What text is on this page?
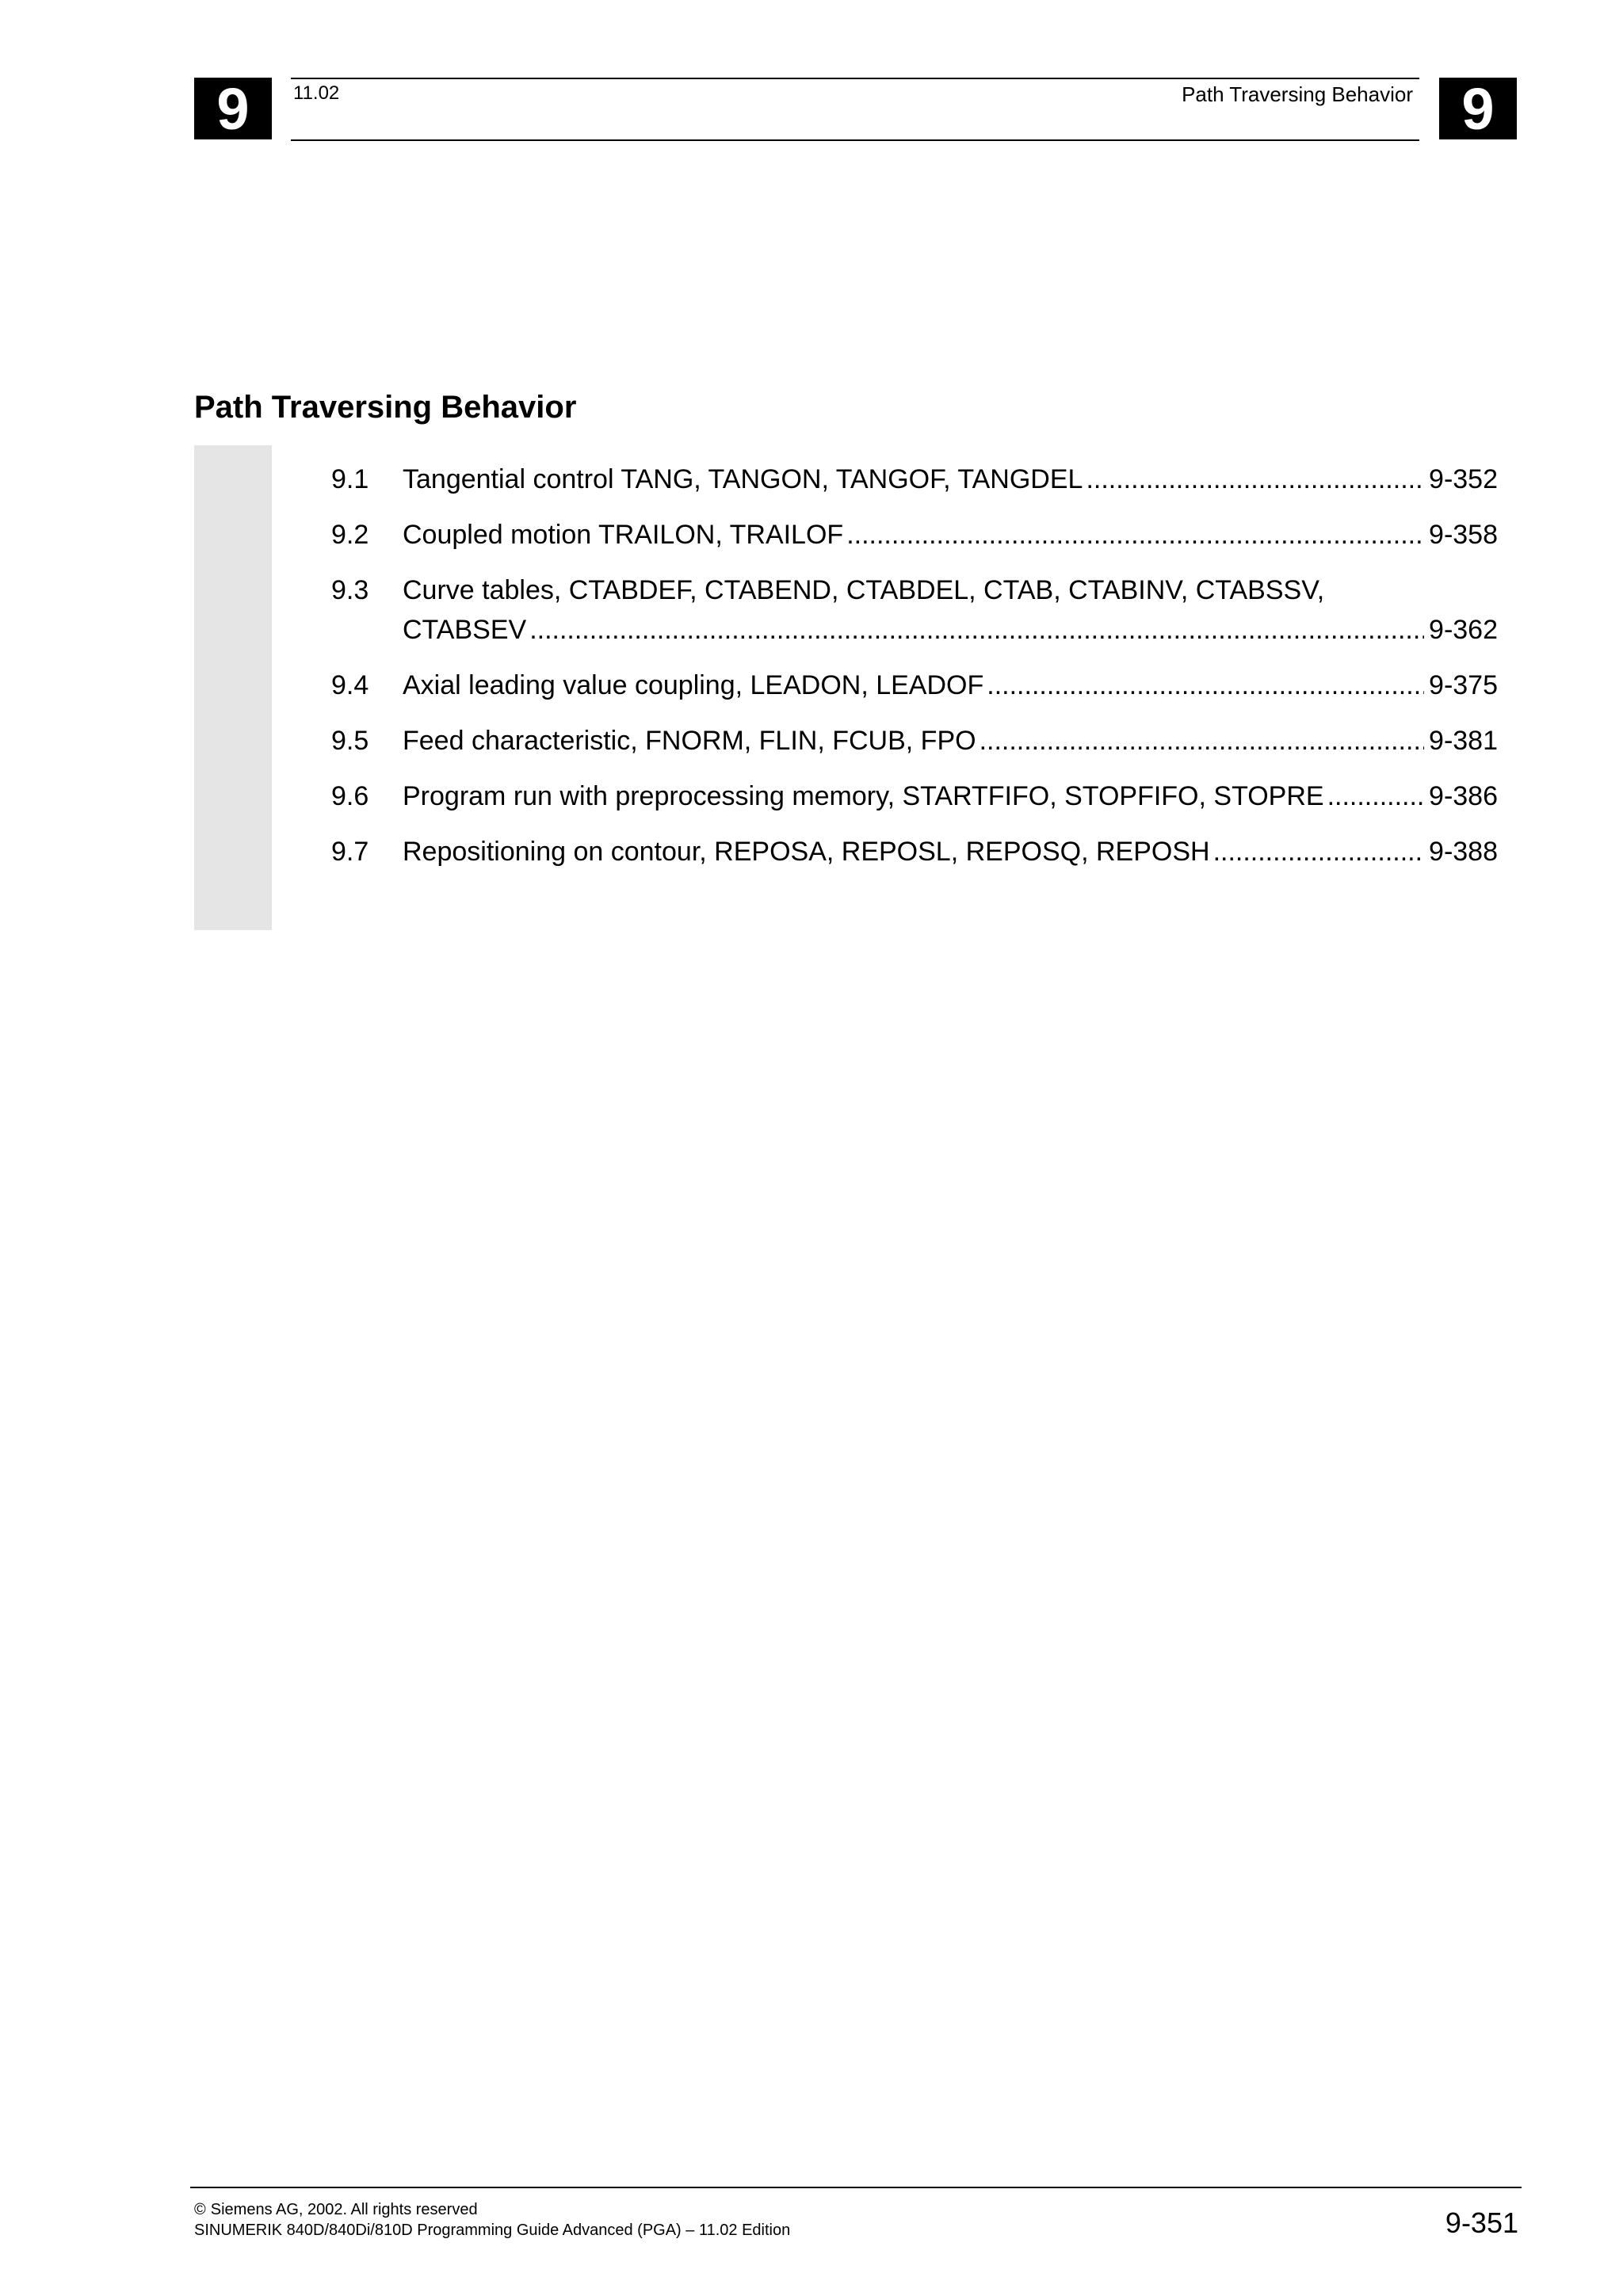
9	11.02	Path Traversing Behavior 9
Path Traversing Behavior
9.1	Tangential control TANG, TANGON, TANGOF, TANGDEL .....	9-352
9.2	Coupled motion TRAILON, TRAILOF .....	9-358
9.3	Curve tables, CTABDEF, CTABEND, CTABDEL, CTAB, CTABINV, CTABSSV,
CTABSEV .....	9-362
9.4	Axial leading value coupling, LEADON, LEADOF .....	9-375
9.5	Feed characteristic, FNORM, FLIN, FCUB, FPO .....	9-381
9.6	Program run with preprocessing memory, STARTFIFO, STOPFIFO, STOPRE .....	9-386
9.7	Repositioning on contour, REPOSA, REPOSL, REPOSQ, REPOSH .....	9-388
© Siemens AG, 2002. All rights reserved
SINUMERIK 840D/840Di/810D Programming Guide Advanced (PGA) – 11.02 Edition	9-351
